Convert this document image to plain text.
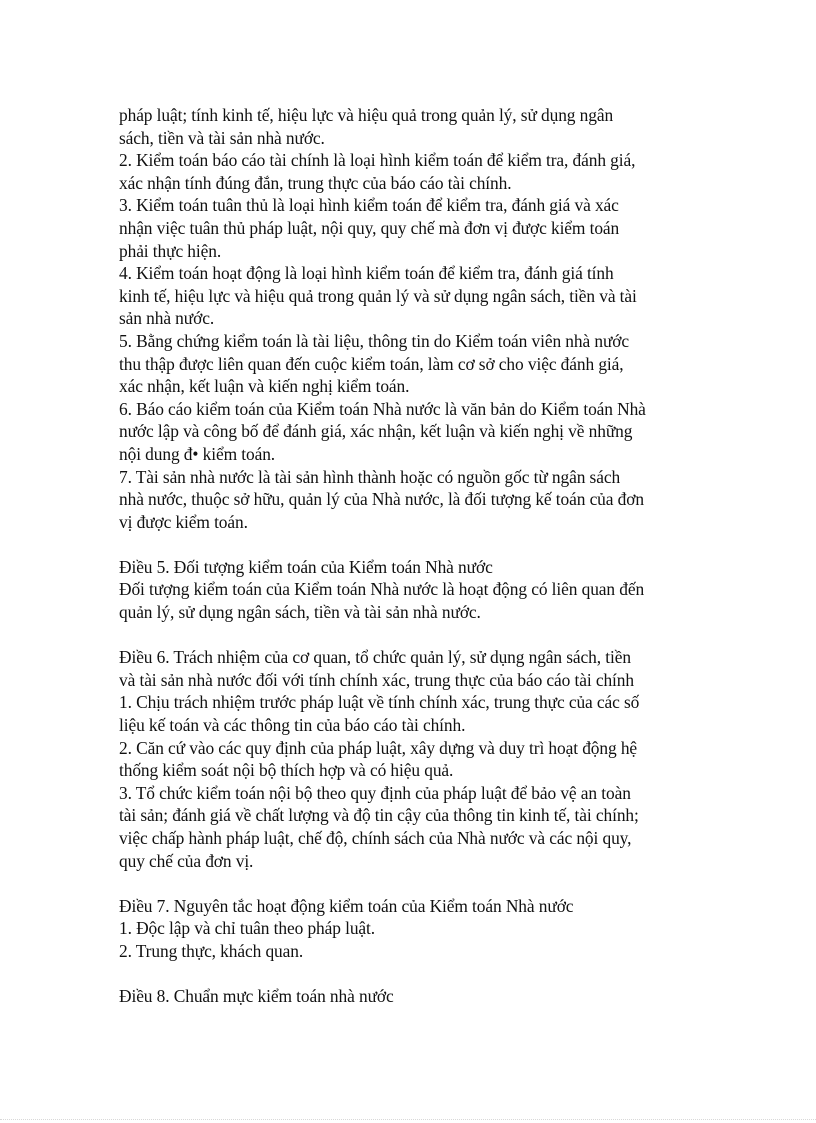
pháp luật; tính kinh tế, hiệu lực và hiệu quả trong quản lý, sử dụng ngân
sách, tiền và tài sản nhà nước.
2. Kiểm toán báo cáo tài chính là loại hình kiểm toán để kiểm tra, đánh giá,
xác nhận tính đúng đắn, trung thực của báo cáo tài chính.
3. Kiểm toán tuân thủ là loại hình kiểm toán để kiểm tra, đánh giá và xác
nhận việc tuân thủ pháp luật, nội quy, quy chế mà đơn vị được kiểm toán
phải thực hiện.
4. Kiểm toán hoạt động là loại hình kiểm toán để kiểm tra, đánh giá tính
kinh tế, hiệu lực và hiệu quả trong quản lý và sử dụng ngân sách, tiền và tài
sản nhà nước.
5. Bằng chứng kiểm toán là tài liệu, thông tin do Kiểm toán viên nhà nước
thu thập được liên quan đến cuộc kiểm toán, làm cơ sở cho việc đánh giá,
xác nhận, kết luận và kiến nghị kiểm toán.
6. Báo cáo kiểm toán của Kiểm toán Nhà nước là văn bản do Kiểm toán Nhà
nước lập và công bố để đánh giá, xác nhận, kết luận và kiến nghị về những
nội dung đ• kiểm toán.
7. Tài sản nhà nước là tài sản hình thành hoặc có nguồn gốc từ ngân sách
nhà nước, thuộc sở hữu, quản lý của Nhà nước, là đối tượng kế toán của đơn
vị được kiểm toán.
Điều 5. Đối tượng kiểm toán của Kiểm toán Nhà nước
Đối tượng kiểm toán của Kiểm toán Nhà nước là hoạt động có liên quan đến
quản lý, sử dụng ngân sách, tiền và tài sản nhà nước.
Điều 6. Trách nhiệm của cơ quan, tổ chức quản lý, sử dụng ngân sách, tiền
và tài sản nhà nước đối với tính chính xác, trung thực của báo cáo tài chính
1. Chịu trách nhiệm trước pháp luật về tính chính xác, trung thực của các số
liệu kế toán và các thông tin của báo cáo tài chính.
2. Căn cứ vào các quy định của pháp luật, xây dựng và duy trì hoạt động hệ
thống kiểm soát nội bộ thích hợp và có hiệu quả.
3. Tổ chức kiểm toán nội bộ theo quy định của pháp luật để bảo vệ an toàn
tài sản; đánh giá về chất lượng và độ tin cậy của thông tin kinh tế, tài chính;
việc chấp hành pháp luật, chế độ, chính sách của Nhà nước và các nội quy,
quy chế của đơn vị.
Điều 7. Nguyên tắc hoạt động kiểm toán của Kiểm toán Nhà nước
1. Độc lập và chỉ tuân theo pháp luật.
2. Trung thực, khách quan.
Điều 8. Chuẩn mực kiểm toán nhà nước
